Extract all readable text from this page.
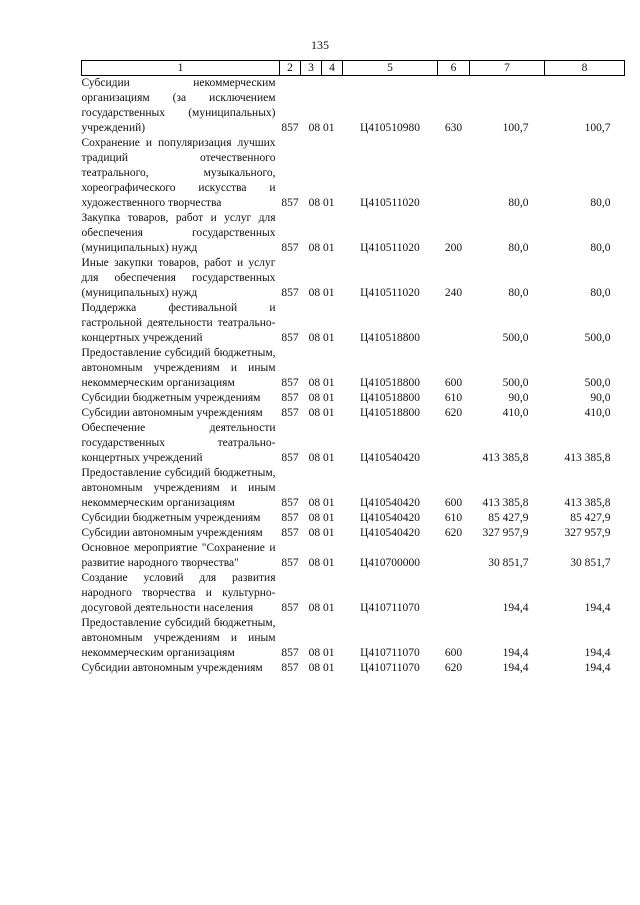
135
1	2	3	4	5	6	7	8
Субсидии некоммерческим организациям (за исключением государственных (муниципальных) учреждений)	857	08 01		Ц410510980	630	100,7	100,7
Сохранение и популяризация лучших традиций отечественного театрального, музыкального, хореографического искусства и художественного творчества	857	08 01		Ц410511020		80,0	80,0
Закупка товаров, работ и услуг для обеспечения государственных (муниципальных) нужд	857	08 01		Ц410511020	200	80,0	80,0
Иные закупки товаров, работ и услуг для обеспечения государственных (муниципальных) нужд	857	08 01		Ц410511020	240	80,0	80,0
Поддержка фестивальной и гастрольной деятельности театрально-концертных учреждений	857	08 01		Ц410518800		500,0	500,0
Предоставление субсидий бюджетным, автономным учреждениям и иным некоммерческим организациям	857	08 01		Ц410518800	600	500,0	500,0
Субсидии бюджетным учреждениям	857	08 01		Ц410518800	610	90,0	90,0
Субсидии автономным учреждениям	857	08 01		Ц410518800	620	410,0	410,0
Обеспечение деятельности государственных театрально-концертных учреждений	857	08 01		Ц410540420		413 385,8	413 385,8
Предоставление субсидий бюджетным, автономным учреждениям и иным некоммерческим организациям	857	08 01		Ц410540420	600	413 385,8	413 385,8
Субсидии бюджетным учреждениям	857	08 01		Ц410540420	610	85 427,9	85 427,9
Субсидии автономным учреждениям	857	08 01		Ц410540420	620	327 957,9	327 957,9
Основное мероприятие "Сохранение и развитие народного творчества"	857	08 01		Ц410700000		30 851,7	30 851,7
Создание условий для развития народного творчества и культурно-досуговой деятельности населения	857	08 01		Ц410711070		194,4	194,4
Предоставление субсидий бюджетным, автономным учреждениям и иным некоммерческим организациям	857	08 01		Ц410711070	600	194,4	194,4
Субсидии автономным учреждениям	857	08 01		Ц410711070	620	194,4	194,4
